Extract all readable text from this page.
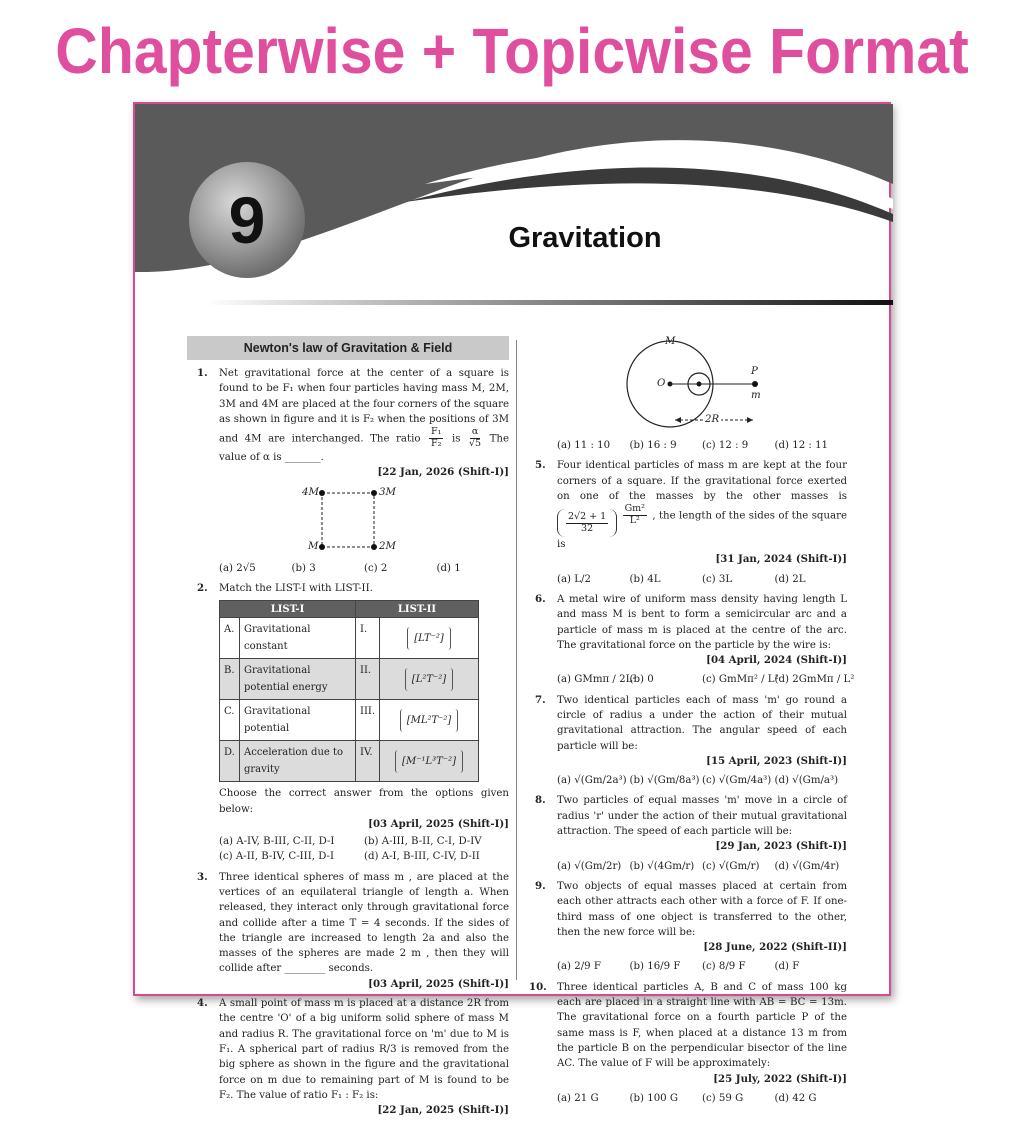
Chapterwise + Topicwise Format
9	Gravitation
Newton's law of Gravitation & Field
1. Net gravitational force at the center of a square is found to be F₁ when four particles having mass M, 2M, 3M and 4M are placed at the four corners of the square as shown in figure and it is F₂ when the positions of 3M and 4M are interchanged. The ratio $\frac{\text{F₁}}{\text{F₂}}$ is $\frac{\alpha}{√5}$ The value of α is _______.
[22 Jan, 2026 (Shift-I)]
4M	3M
M	2M
(a) 2√5	(b) 3	(c) 2	(d) 1
2. Match the LIST-I with LIST-II.
LIST-I		LIST-II	
A.	Gravitational constant	I.	[LT⁻²]
B.	Gravitational potential energy	II.	[L²T⁻²]
C.	Gravitational potential	III.	[ML²T⁻²]
D.	Acceleration due to gravity	IV.	[M⁻¹L³T⁻²]
Choose the correct answer from the options given below:
[03 April, 2025 (Shift-I)]
(a) A-IV, B-III, C-II, D-I	(b) A-III, B-II, C-I, D-IV
(c) A-II, B-IV, C-III, D-I	(d) A-I, B-III, C-IV, D-II
3. Three identical spheres of mass m , are placed at the vertices of an equilateral triangle of length a. When released, they interact only through gravitational force and collide after a time T = 4 seconds. If the sides of the triangle are increased to length 2a and also the masses of the spheres are made 2 m , then they will collide after ________ seconds.
[03 April, 2025 (Shift-I)]
4. A small point of mass m is placed at a distance 2R from the centre 'O' of a big uniform solid sphere of mass M and radius R. The gravitational force on 'm' due to M is F₁. A spherical part of radius R/3 is removed from the big sphere as shown in the figure and the gravitational force on m due to remaining part of M is found to be F₂. The value of ratio F₁ : F₂ is:
[22 Jan, 2025 (Shift-I)]
M
O
P
m
2R
(a) 11 : 10	(b) 16 : 9	(c) 12 : 9	(d) 12 : 11
5. Four identical particles of mass m are kept at the four corners of a square. If the gravitational force exerted on one of the masses by the other masses is
$\frac{2√2 + 1}{32}$
$\frac{\text{Gm²}}{\text{L²}}$ , the length of the sides of the square is
[31 Jan, 2024 (Shift-I)]
(a) L/2	(b) 4L	(c) 3L	(d) 2L
6. A metal wire of uniform mass density having length L and mass M is bent to form a semicircular arc and a particle of mass m is placed at the centre of the arc. The gravitational force on the particle by the wire is:
[04 April, 2024 (Shift-I)]
(a) GMmπ / 2L²
(b) 0	(c) GmMπ² / L²
(d) 2GmMπ / L²
7. Two identical particles each of mass 'm' go round a circle of radius a under the action of their mutual gravitational attraction. The angular speed of each particle will be:
[15 April, 2023 (Shift-I)]
(a) √(Gm/2a³) (b) √(Gm/8a³) (c) √(Gm/4a³) (d) √(Gm/a³)
8. Two particles of equal masses 'm' move in a circle of radius 'r' under the action of their mutual gravitational attraction. The speed of each particle will be:
[29 Jan, 2023 (Shift-I)]
(a) √(Gm/2r) (b) √(4Gm/r) (c) √(Gm/r)	(d) √(Gm/4r)
9. Two objects of equal masses placed at certain from each other attracts each other with a force of F. If one-third mass of one object is transferred to the other, then the new force will be:
[28 June, 2022 (Shift-II)]
(a) 2/9 F	(b) 16/9 F	(c) 8/9 F	(d) F
10. Three identical particles A, B and C of mass 100 kg each are placed in a straight line with AB = BC = 13m. The gravitational force on a fourth particle P of the same mass is F, when placed at a distance 13 m from the particle B on the perpendicular bisector of the line AC. The value of F will be approximately:
[25 July, 2022 (Shift-I)]
(a) 21 G	(b) 100 G	(c) 59 G	(d) 42 G
